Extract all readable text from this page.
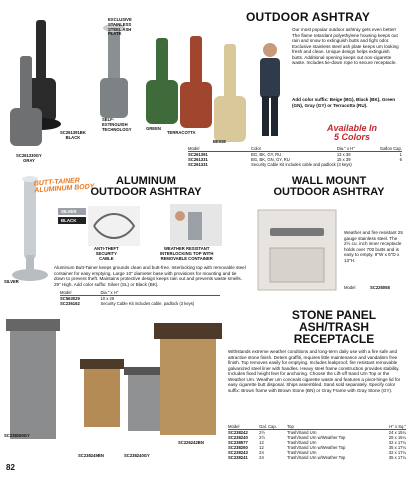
EXCLUSIVE
STAINLESS
STEEL ASH
PLATE
SELF-
EXTINGUISH
TECHNOLOGY	GREEN
TERRACOTTA
BEIGE
SC261391BK
BLACK
SC261330GY
GRAY
OUTDOOR ASHTRAY
Our most popular outdoor ashtray gets even better! The flame retardant polyethylene housing keeps out rain and snow to extinguish butts and fight odor. Exclusive stainless steel ash plate keeps urn looking fresh and clean. Unique design helps extinguish butts. Additional opening keeps out non-cigarette waste. Includes tie-down rope to secure receptacle.
Add color suffix: Beige (BG), Black (BK), Green (GN), Gray (GY) or Terracotta (RU).
Available In
5 Colors
Model	Color	Dia." x H"	Gallon Cap.
SC261391	BG, BK, GY, RU	13 x 38	1
SC261331	BG, BK, GN, GY, RU	15 x 39	6
SC261331	Security Cable Kit includes cable and padlock (3 keys)		
BUTT-TAINER ALUMINUM BODY
ALUMINUM
OUTDOOR ASHTRAY
SILVER
BLACK
ANTI-THEFT
SECURITY
CABLE
WEATHER RESISTANT
INTERLOCKING TOP WITH
REMOVABLE CONTAINER
SILVER
Aluminum Butt-Tainer keeps grounds clean and butt-free. Interlocking top with removable steel container for easy emptying. Large 10" diameter base with provisions for mounting and tie down to prevent theft. Maintains protective design keeps rain out and prevents waste smells. 29" High. Add color suffix: Silver (SL) or Black (BK).
Model	Dia." x H"
SC563029	10 x 29
SC236162	Security Cable Kit includes cable, padlock (3 keys)
WALL MOUNT
OUTDOOR ASHTRAY
Weather and fire resistant 25 gauge stainless steel. The 2½ cu. inch inner receptacle holds over 700 butts and is easy to empty. 9"W x 6"D x 13"H.
Model	SC226058
SC238260GY
SC238249BN	SC238240GY
SC226242BN
STONE PANEL
ASH/TRASH
RECEPTACLE
Withstands extreme weather conditions and long-term daily use with a fire safe and attractive stone finish. Deters graffiti, requires little maintenance and vandalism free finish. Top removes easily for emptying. Includes leakproof, fire resistant removable galvanized steel liner with handles. Heavy steel frame construction provides stability. Includes fixed height feet for anchoring. Choose the Lift-off Sand Urn Top or the Weather Urn. Weather urn conceals cigarette waste and features a pivot-hinge lid for easy cigarette butt disposal. Ships assembled. Sand sold separately. Specify color suffix: Brown frame with Brown Stone (BN) or Gray Frame with Gray Stone (GY).
Model	Gal. Cap.	Top	H" x Sq."
SC238242	2½	Trash/Sand Urn	24 x 15¼
SC238240	2½	Trash/Sand Urn w/Weather Top	28 x 15¼
SC238577	12	Trash/Sand Urn	32 x 17¼
SC238260	12	Trash/Sand Urn w/Weather Top	35 x 17¼
SC238243	24	Trash/Sand Urn	32 x 17¼
SC238241	24	Trash/Sand Urn w/Weather Top	35 x 17¼
82
